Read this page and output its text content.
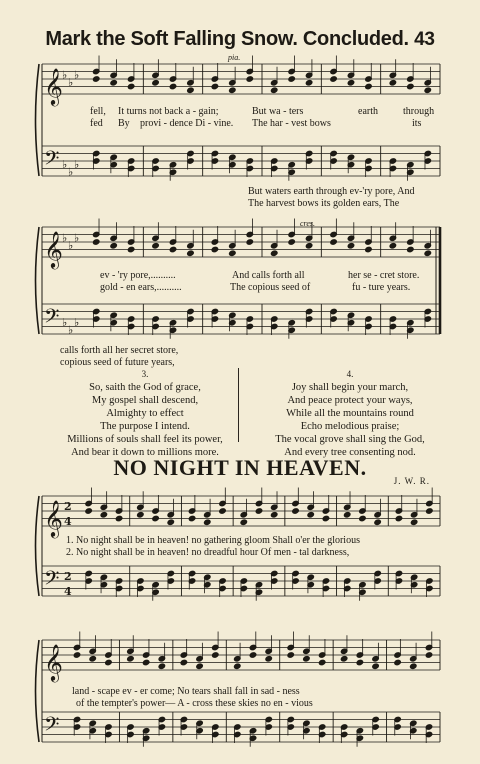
Mark the Soft Falling Snow. Concluded. 43
𝄞
𝄢
♭
♭
♭
♭
♭
♭
𝄞
𝄢
♭
♭
♭
♭
♭
♭
𝄞
𝄢
2
4
2
4
𝄞
𝄢
pia.
fell, It turns not back a - gain;	But wa - ters	earth	through
fed By provi - dence Di - vine. The har - vest bows	its
But waters earth through ev-'ry pore, And
The harvest bows its golden ears, The
cres.
ev - 'ry pore,..........	And calls forth all	her se - cret store.
gold - en ears,..........	The copious seed of	fu - ture years.
calls forth all her secret store,
copious seed of future years,
3.
So, saith the God of grace,
My gospel shall descend,
Almighty to effect
The purpose I intend.
Millions of souls shall feel its power,
And bear it down to millions more.
4.
Joy shall begin your march,
And peace protect your ways,
While all the mountains round
Echo melodious praise;
The vocal grove shall sing the God,
And every tree consenting nod.
NO NIGHT IN HEAVEN.
J. W. R.
1. No night shall be in heaven! no gathering gloom Shall o'er the glorious
2. No night shall be in heaven! no dreadful hour Of men - tal darkness,
land - scape ev - er come; No tears shall fall in sad - ness
of the tempter's power— A - cross these skies no en - vious
